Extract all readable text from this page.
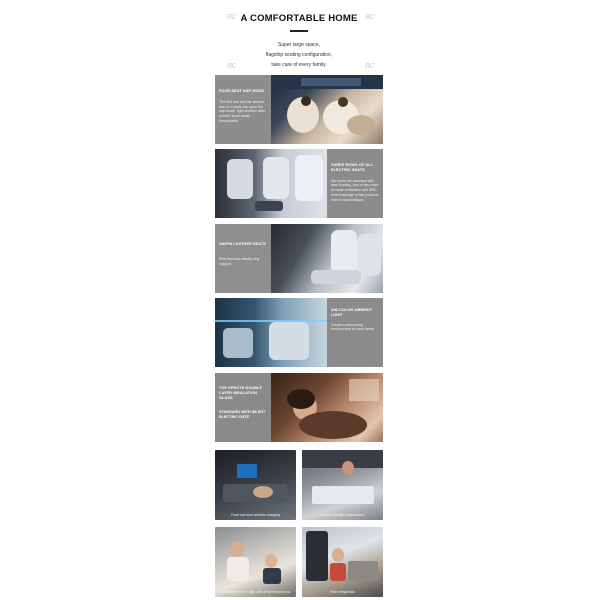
RC	RC
A COMFORTABLE HOME
Super large space,
flagship seating configuration,
take care of every family.
RC	RC
FOUR-SEAT NAP MODE
The first row and the second row of 4 seats can open the nap mode, light children after sunset, lunch seats comfortable.
THREE ROWS OF ALL ELECTRIC SEATS
Six seats are standard with seat heating, one or two rows of seats ventilation and SPA-level massage at fair points to relieve travel fatigue.
NAPPA LEATHER SEATS
First four-way electric leg support
256-COLOR AMBIENT LIGHT
Create a welcoming environment for your family
TOP SPROTE DOUBLE LAYER INSULATION GLASS
STANDARD WITH SILENT ELECTRIC GATE
Front row dual wireless charging	Sunken storage compartment
Smarttable on the right side of the second row	Rear refrigerator
